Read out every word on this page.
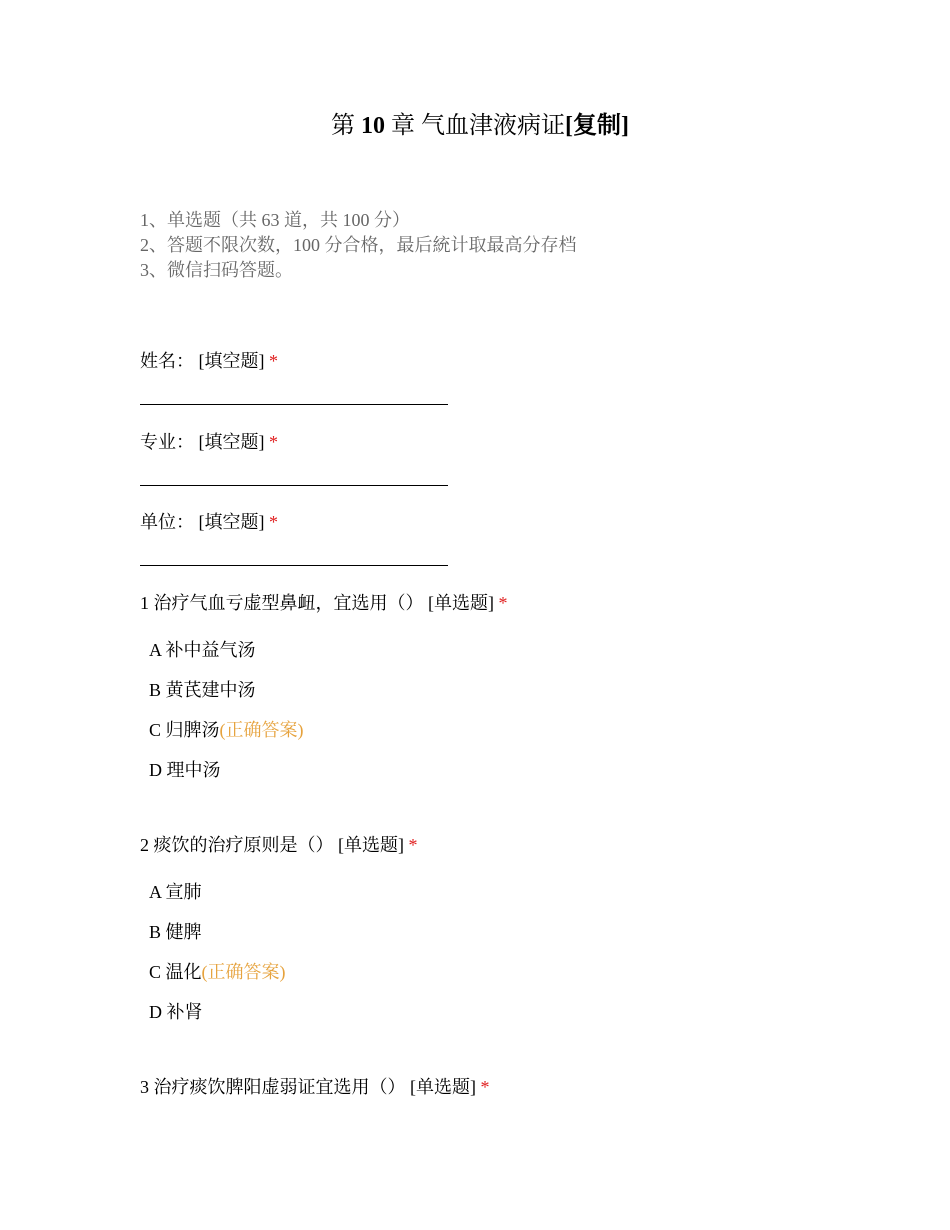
第 10 章 气血津液病证[复制]
1、单选题（共 63 道，共 100 分）
2、答题不限次数，100 分合格，最后統计取最高分存档
3、微信扫码答题。
姓名： [填空题] *
专业： [填空题] *
单位： [填空题] *
1 治疗气血亏虚型鼻衄，宜选用（） [单选题] *
A 补中益气汤
B 黄芪建中汤
C 归脾汤(正确答案)
D 理中汤
2 痰饮的治疗原则是（） [单选题] *
A 宣肺
B 健脾
C 温化(正确答案)
D 补肾
3 治疗痰饮脾阳虚弱证宜选用（） [单选题] *
